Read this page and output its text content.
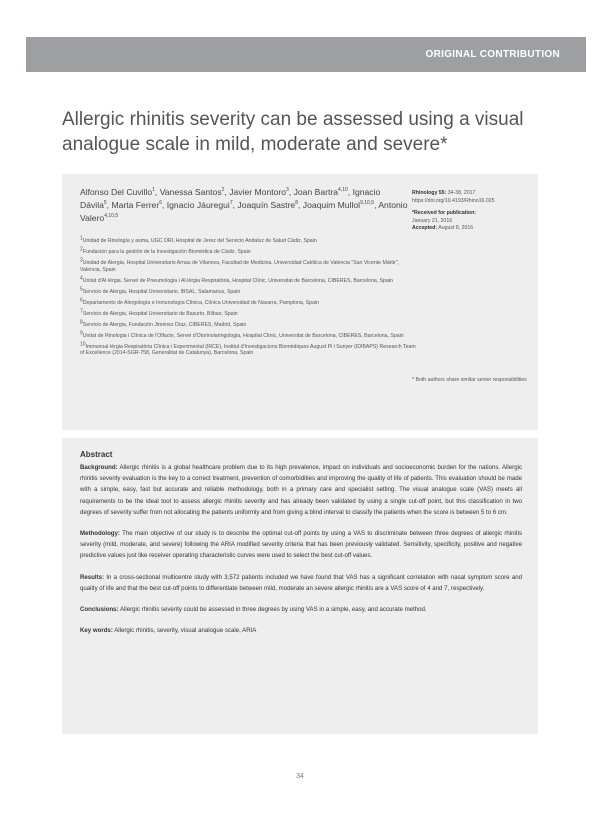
ORIGINAL CONTRIBUTION
Allergic rhinitis severity can be assessed using a visual analogue scale in mild, moderate and severe*
Alfonso Del Cuvillo$^1$, Vanessa Santos$^2$, Javier Montoro$^3$, Joan Bartra$^{4,10}$, Ignacio Dávila$^5$, Marta Ferrer$^6$, Ignacio Jáuregui$^7$, Joaquín Sastre$^8$, Joaquim Mullol$^{9,10,5}$, Antonio Valero$^{4,10,5}$
$^1$Unidad de Rinología y asma, UGC ORL Hospital de Jerez del Servicio Andaluz de Salud Cádiz, Spain
$^2$Fundación para la gestión de la Investigación Biomédica de Cádiz, Spain
$^3$Unidad de Alergia, Hospital Universitario Arnau de Vilanova, Facultad de Medicina, Universidad Católica de Valencia "San Vicente Mártir", Valencia, Spain
$^4$Unitat d'Al·lèrgia. Servei de Pneumologia i Al·lèrgia Respiratòria, Hospital Clínic, Universitat de Barcelona, CIBERES, Barcelona, Spain
$^5$Servicio de Alergia, Hospital Universitario, IBSAL, Salamanca, Spain
$^6$Departamento de Alergología e Inmunología Clínica, Clínica Universidad de Navarra, Pamplona, Spain
$^7$Servicio de Alergia, Hospital Universitario de Basurto, Bilbao, Spain
$^8$Servicio de Alergia, Fundación Jiménez Díaz, CIBERES, Madrid, Spain
$^9$Unitat de Rinologia i Clínica de l'Olfacte, Servei d'Otorinolaringologia, Hospital Clínic, Universitat de Barcelona, CIBERES, Barcelona, Spain
$^{10}$Immunoal·lèrgia Respiratòria Clínica i Experimental (IRCE), Institut d'Investigacions Biomèdiques August Pi i Sunyer (IDIBAPS) Research Team of Excellence (2014-SGR-758, Generalitat de Catalunya), Barcelona, Spain

Rhinology 55: 34-38, 2017
https://doi.org/10.4193/Rhino16.025

*Received for publication:
January 21, 2016
Accepted: August 8, 2016

* Both authors share similar senior responsibilities
Abstract

Background: Allergic rhinitis is a global healthcare problem due to its high prevalence, impact on individuals and socioeconomic burden for the nations. Allergic rhinitis severity evaluation is the key to a correct treatment, prevention of comorbidities and improving the quality of life of patients. This evaluation should be made with a simple, easy, fast but accurate and reliable methodology, both in a primary care and specialist setting. The visual analogue scale (VAS) meets all requirements to be the ideal tool to assess allergic rhinitis severity and has already been validated by using a single cut-off point, but this classification in two degrees of severity suffer from not allocating the patients uniformly and from giving a blind interval to classify the patients when the score is between 5 to 6 cm.

Methodology: The main objective of our study is to describe the optimal cut-off points by using a VAS to discriminate between three degrees of allergic rhinitis severity (mild, moderate, and severe) following the ARIA modified severity criteria that has been previously validated. Sensitivity, specificity, positive and negative predictive values just like receiver operating characteristic curves were used to select the best cut-off values.

Results: In a cross-sectional multicentre study with 3,572 patients included we have found that VAS has a significant correlation with nasal symptom score and quality of life and that the best cut-off points to differentiate between mild, moderate an severe allergic rhinitis are a VAS score of 4 and 7, respectively.

Conclusions: Allergic rhinitis severity could be assessed in three degrees by using VAS in a simple, easy, and accurate method.

Key words: Allergic rhinitis, severity, visual analogue scale, ARIA

34
